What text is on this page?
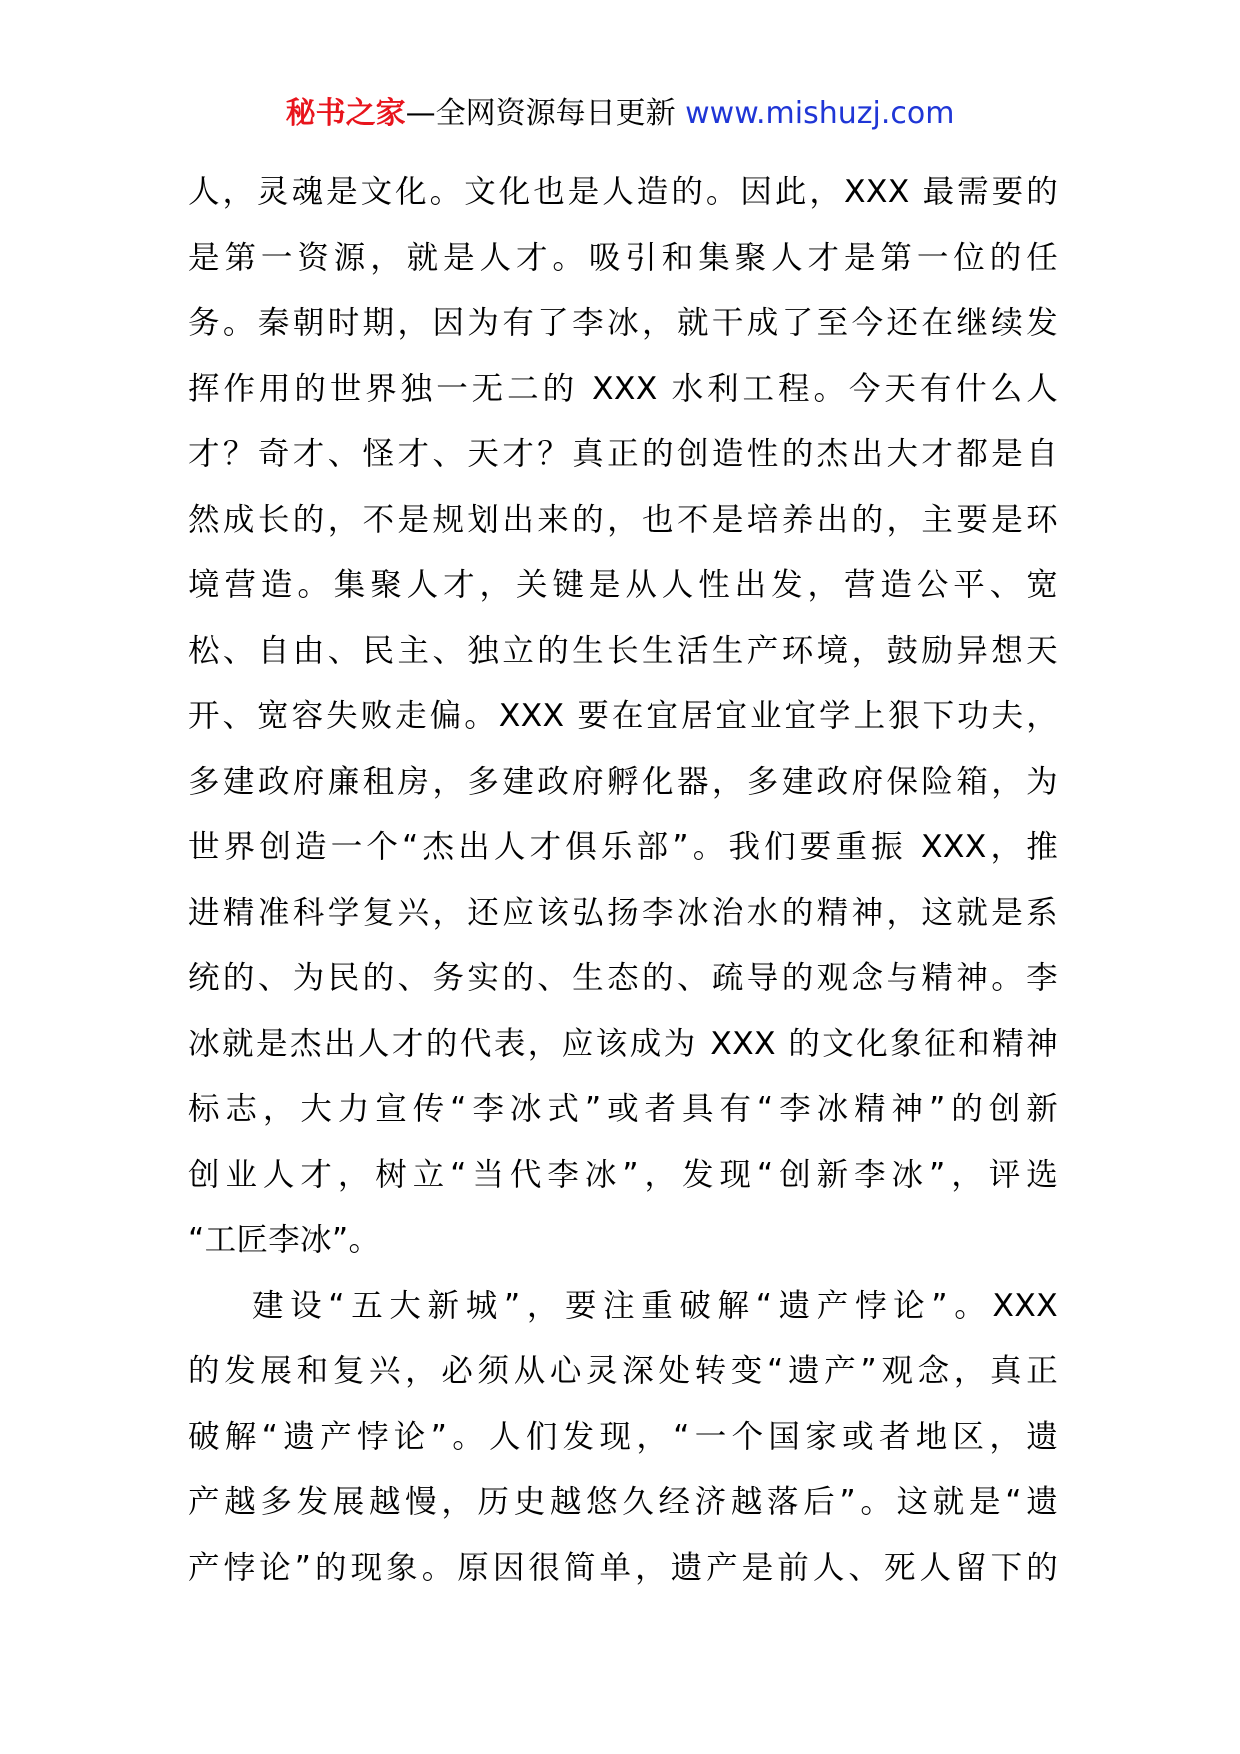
秘书之家—全网资源每日更新 www.mishuzj.com
人，灵魂是文化。文化也是人造的。因此，XXX 最需要的
是第一资源，就是人才。吸引和集聚人才是第一位的任
务。秦朝时期，因为有了李冰，就干成了至今还在继续发
挥作用的世界独一无二的 XXX 水利工程。今天有什么人
才？奇才、怪才、天才？真正的创造性的杰出大才都是自
然成长的，不是规划出来的，也不是培养出的，主要是环
境营造。集聚人才，关键是从人性出发，营造公平、宽
松、自由、民主、独立的生长生活生产环境，鼓励异想天
开、宽容失败走偏。XXX 要在宜居宜业宜学上狠下功夫，
多建政府廉租房，多建政府孵化器，多建政府保险箱，为
世界创造一个“杰出人才俱乐部”。我们要重振 XXX，推
进精准科学复兴，还应该弘扬李冰治水的精神，这就是系
统的、为民的、务实的、生态的、疏导的观念与精神。李
冰就是杰出人才的代表，应该成为 XXX 的文化象征和精神
标志，大力宣传“李冰式”或者具有“李冰精神”的创新
创业人才，树立“当代李冰”，发现“创新李冰”，评选
“工匠李冰”。
建设“五大新城”，要注重破解“遗产悖论”。XXX
的发展和复兴，必须从心灵深处转变“遗产”观念，真正
破解“遗产悖论”。人们发现，“一个国家或者地区，遗
产越多发展越慢，历史越悠久经济越落后”。这就是“遗
产悖论”的现象。原因很简单，遗产是前人、死人留下的
